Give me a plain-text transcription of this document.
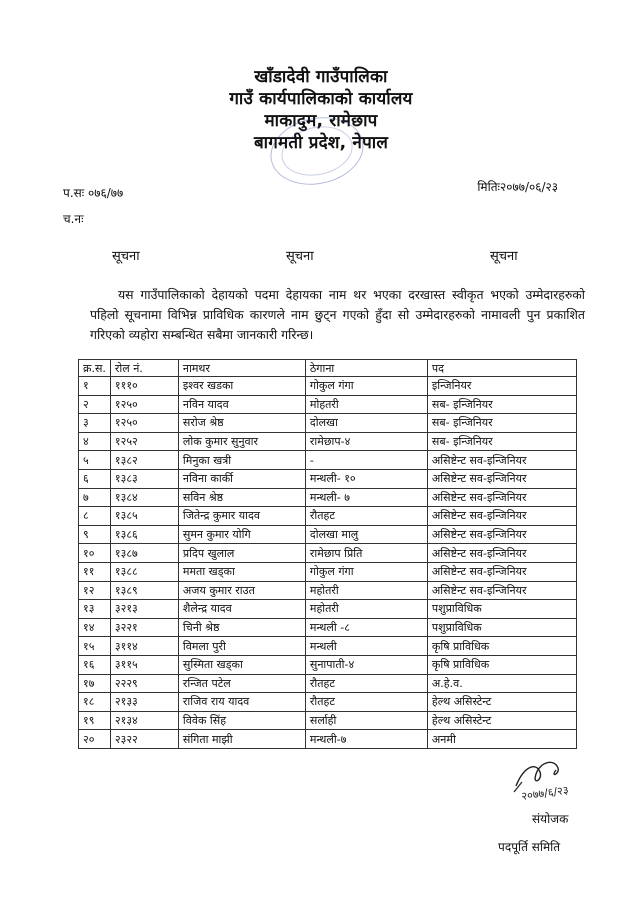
खाँडादेवी गाउँपालिका
गाउँ कार्यपालिकाको कार्यालय
माकादुम, रामेछाप
बागमती प्रदेश, नेपाल
प.सः ०७६/७७
च.नः
मितिः२०७७/०६/२३
सूचना	सूचना	सूचना
यस गाउँपालिकाको देहायको पदमा देहायका नाम थर भएका दरखास्त स्वीकृत भएको उम्मेदारहरुको पहिलो सूचनामा विभिन्न प्राविधिक कारणले नाम छुट्न गएको हुँदा सो उम्मेदारहरुको नामावली पुन प्रकाशित गरिएको व्यहोरा सम्बन्धित सबैमा जानकारी गरिन्छ।
क्र.स.	रोल नं.	नामथर	ठेगाना	पद
१	१११०	इश्वर खडका	गोकुल गंगा	इन्जिनियर
२	१२५०	नविन यादव	मोहतरी	सब- इन्जिनियर
३	१२५०	सरोज श्रेष्ठ	दोलखा	सब- इन्जिनियर
४	१२५२	लोक कुमार सुनुवार	रामेछाप-४	सब- इन्जिनियर
५	१३८२	मिनुका खत्री	-	असिष्टेन्ट सव-इन्जिनियर
६	१३८३	नविना कार्की	मन्थली- १०	असिष्टेन्ट सव-इन्जिनियर
७	१३८४	सविन श्रेष्ठ	मन्थली- ७	असिष्टेन्ट सव-इन्जिनियर
८	१३८५	जितेन्द्र कुमार यादव	रौतहट	असिष्टेन्ट सव-इन्जिनियर
९	१३८६	सुमन कुमार योगि	दोलखा मालु	असिष्टेन्ट सव-इन्जिनियर
१०	१३८७	प्रदिप खुलाल	रामेछाप प्रिति	असिष्टेन्ट सव-इन्जिनियर
११	१३८८	ममता खड्का	गोकुल गंगा	असिष्टेन्ट सव-इन्जिनियर
१२	१३८९	अजय कुमार राउत	महोतरी	असिष्टेन्ट सव-इन्जिनियर
१३	३२१३	शैलेन्द्र यादव	महोतरी	पशुप्राविधिक
१४	३२२१	चिनी श्रेष्ठ	मन्थली -८	पशुप्राविधिक
१५	३११४	विमला पुरी	मन्थली	कृषि प्राविधिक
१६	३११५	सुस्मिता खड्का	सुनापाती-४	कृषि प्राविधिक
१७	२२२९	रन्जित पटेल	रौतहट	अ.हे.व.
१८	२१३३	राजिव राय यादव	रौतहट	हेल्थ असिस्टेन्ट
१९	२१३४	विवेक सिंह	सर्लाही	हेल्थ असिस्टेन्ट
२०	२३२२	संगिता माझी	मन्थली-७	अनमी
२०७७/६/२३
संयोजक
पदपूर्ति समिति
